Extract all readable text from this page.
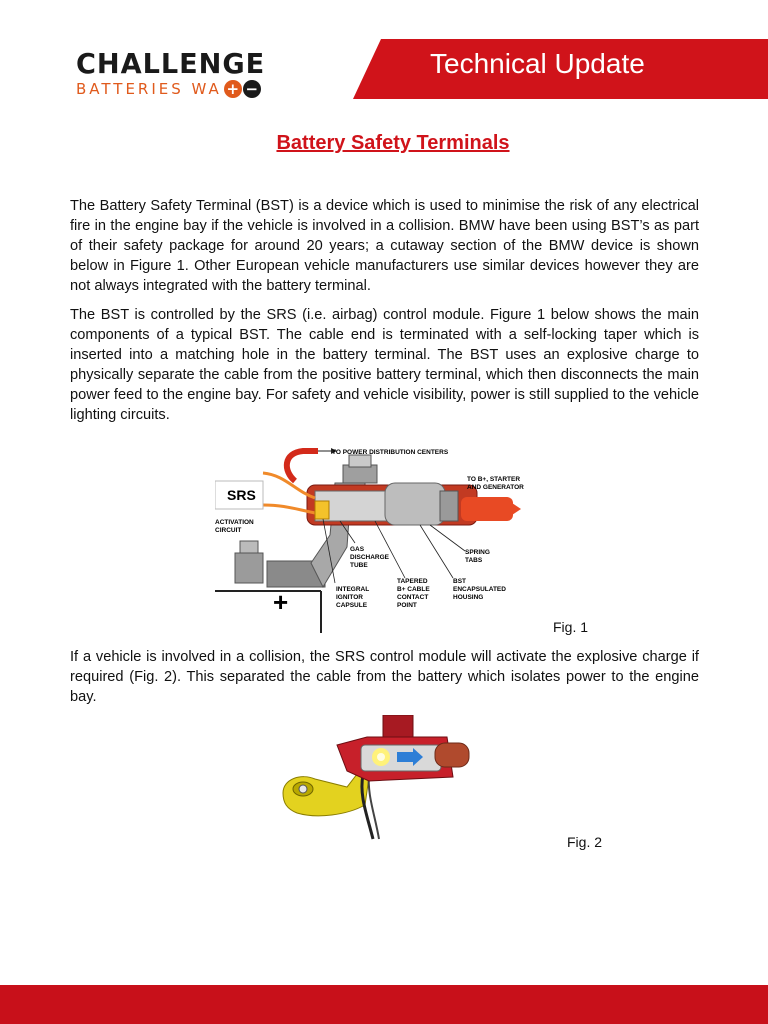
CHALLENGE
BATTERIES WA + −
Technical Update
Battery Safety Terminals

The Battery Safety Terminal (BST) is a device which is used to minimise the risk of any electrical fire in the engine bay if the vehicle is involved in a collision. BMW have been using BST’s as part of their safety package for around 20 years; a cutaway section of the BMW device is shown below in Figure 1. Other European vehicle manufacturers use similar devices however they are not always integrated with the battery terminal.

The BST is controlled by the SRS (i.e. airbag) control module. Figure 1 below shows the main components of a typical BST. The cable end is terminated with a self-locking taper which is inserted into a matching hole in the battery terminal. The BST uses an explosive charge to physically separate the cable from the positive battery terminal, which then disconnects the main power feed to the engine bay. For safety and vehicle visibility, power is still supplied to the vehicle lighting circuits.

+
TO POWER DISTRIBUTION CENTERS
SRS
ACTIVATION
CIRCUIT
TO B+, STARTER
AND GENERATOR
GAS
DISCHARGE
TUBE
INTEGRAL
IGNITOR
CAPSULE
TAPERED
B+ CABLE
CONTACT
POINT
SPRING
TABS
BST
ENCAPSULATED
HOUSING
Fig. 1

If a vehicle is involved in a collision, the SRS control module will activate the explosive charge if required (Fig. 2). This separated the cable from the battery which isolates power to the engine bay.

Fig. 2
